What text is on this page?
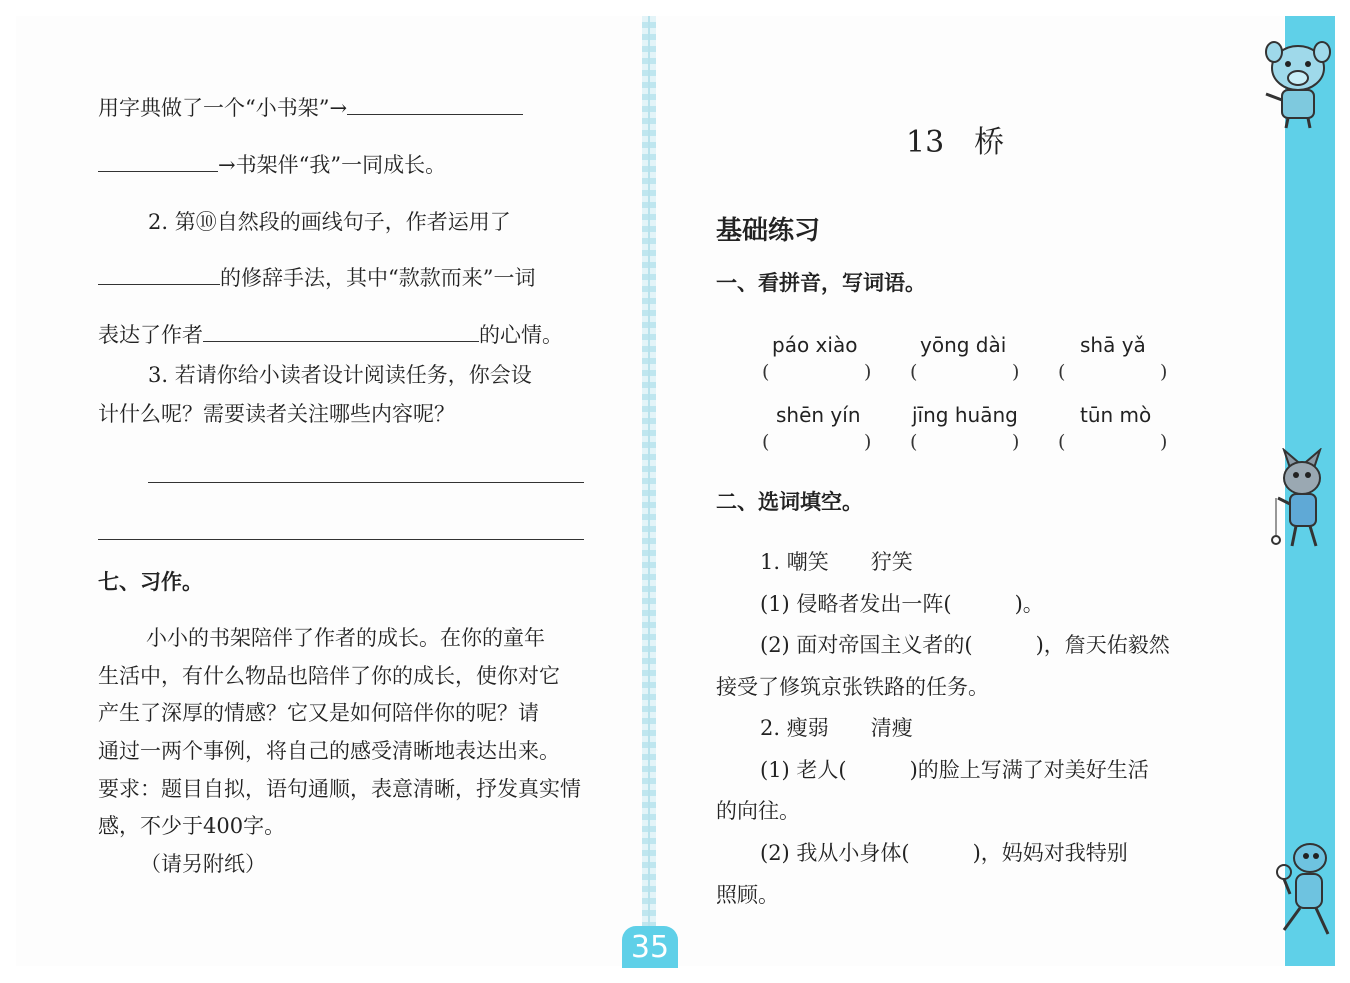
用字典做了一个“小书架”→
→书架伴“我”一同成长。
2. 第⑩自然段的画线句子，作者运用了
的修辞手法，其中“款款而来”一词
表达了作者	的心情。
3. 若请你给小读者设计阅读任务，你会设
计什么呢？需要读者关注哪些内容呢？
七、习作。
小小的书架陪伴了作者的成长。在你的童年
生活中，有什么物品也陪伴了你的成长，使你对它
产生了深厚的情感？它又是如何陪伴你的呢？请
通过一两个事例，将自己的感受清晰地表达出来。
要求：题目自拟，语句通顺，表意清晰，抒发真实情
感，不少于400字。
（请另附纸）
13　桥
基础练习
一、看拼音，写词语。
páo xiào	yōng dài	shā yǎ
(	) (	) (	)
shēn yín	jīng huāng	tūn mò
(	) (	) (	)
二、选词填空。
1. 嘲笑　　狞笑
(1) 侵略者发出一阵(　　　)。
(2) 面对帝国主义者的(　　　)，詹天佑毅然
接受了修筑京张铁路的任务。
2. 瘦弱　　清瘦
(1) 老人(　　　)的脸上写满了对美好生活
的向往。
(2) 我从小身体(　　　)，妈妈对我特别
照顾。
35
